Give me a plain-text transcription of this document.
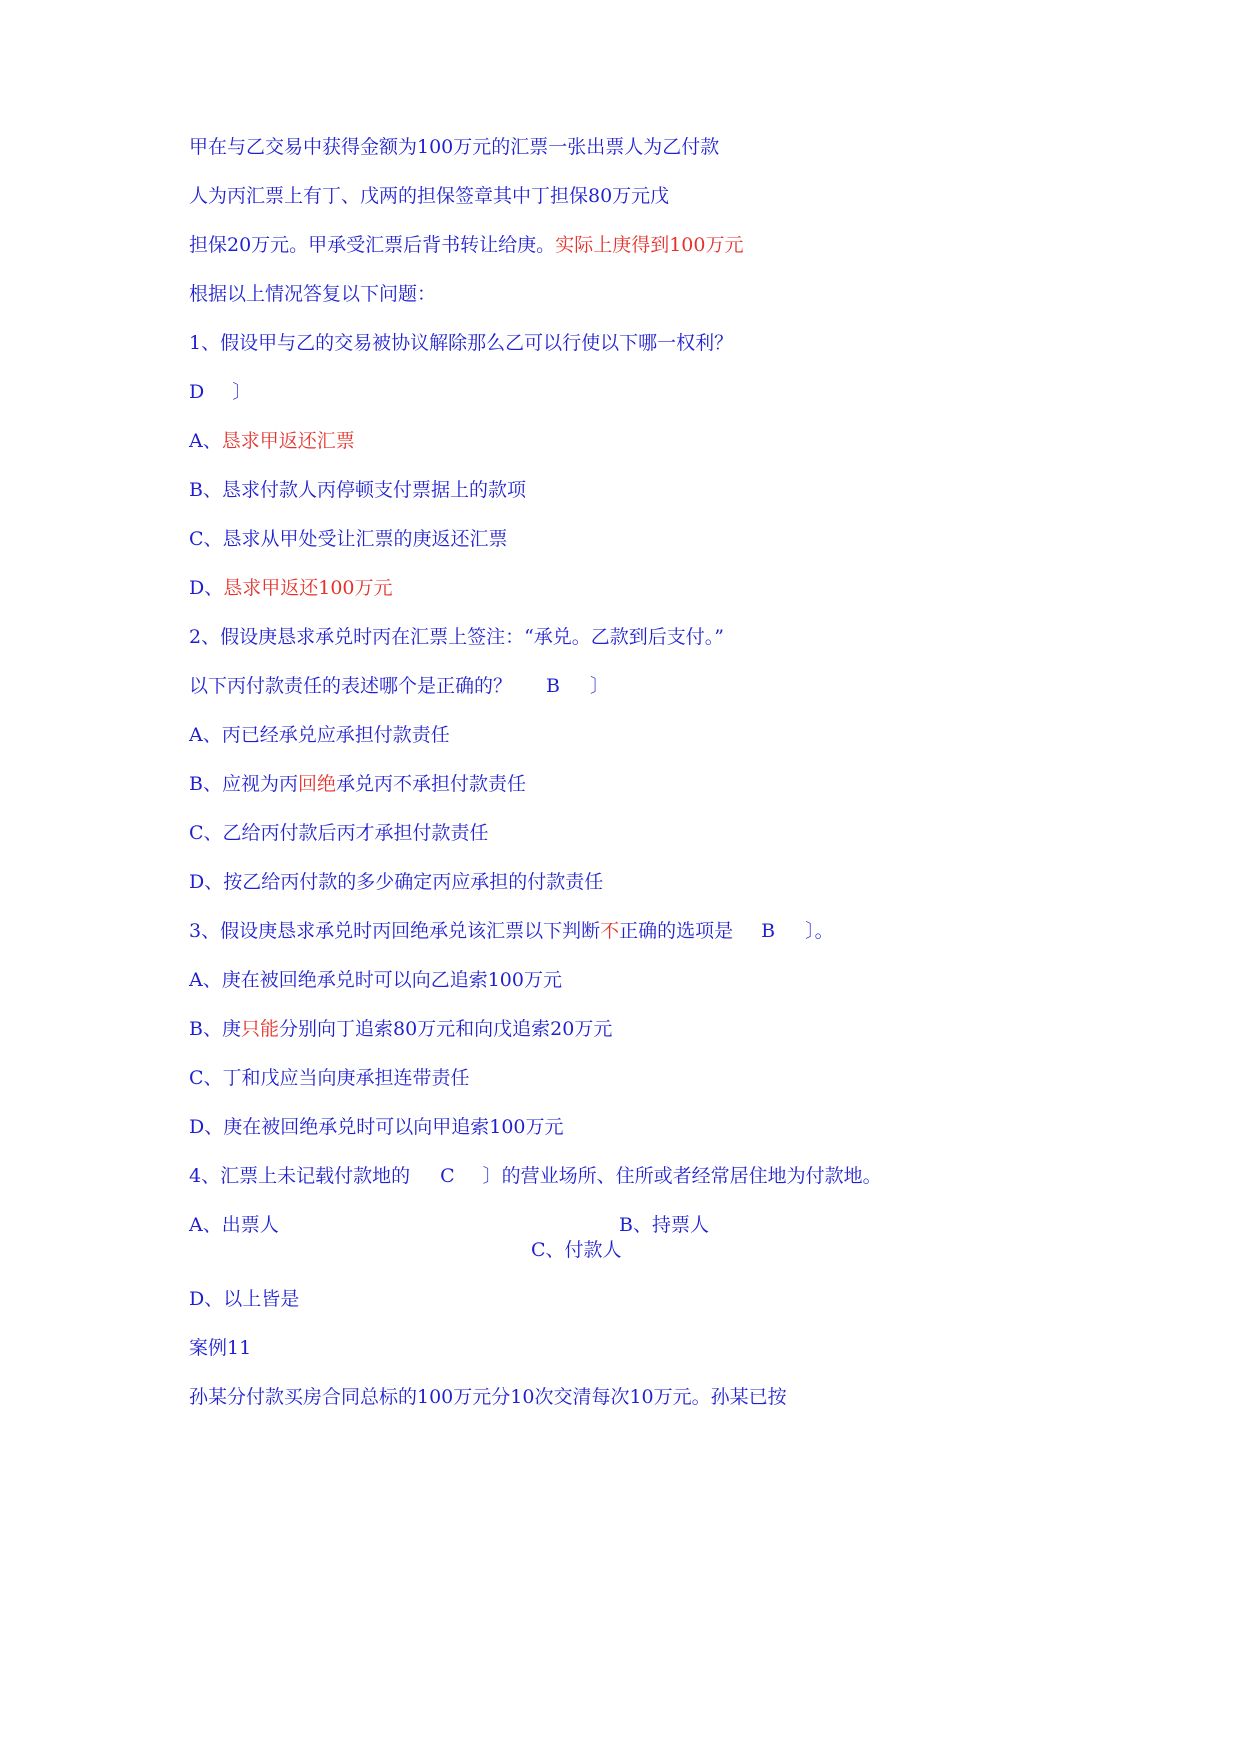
甲在与乙交易中获得金额为100万元的汇票一张出票人为乙付款
人为丙汇票上有丁、戊两的担保签章其中丁担保80万元戊
担保20万元。甲承受汇票后背书转让给庚。实际上庚得到100万元
根据以上情况答复以下问题：
1、假设甲与乙的交易被协议解除那么乙可以行使以下哪一权利？
D 〕
A、恳求甲返还汇票
B、恳求付款人丙停顿支付票据上的款项
C、恳求从甲处受让汇票的庚返还汇票
D、恳求甲返还100万元
2、假设庚恳求承兑时丙在汇票上签注：“承兑。乙款到后支付。”
以下丙付款责任的表述哪个是正确的？ B 〕
A、丙已经承兑应承担付款责任
B、应视为丙回绝承兑丙不承担付款责任
C、乙给丙付款后丙才承担付款责任
D、按乙给丙付款的多少确定丙应承担的付款责任
3、假设庚恳求承兑时丙回绝承兑该汇票以下判断不正确的选项是 B 〕。
A、庚在被回绝承兑时可以向乙追索100万元
B、庚只能分别向丁追索80万元和向戊追索20万元
C、丁和戊应当向庚承担连带责任
D、庚在被回绝承兑时可以向甲追索100万元
4、汇票上未记载付款地的 C 〕的营业场所、住所或者经常居住地为付款地。
A、出票人	B、持票人
C、付款人
D、以上皆是
案例11
孙某分付款买房合同总标的100万元分10次交清每次10万元。孙某已按
